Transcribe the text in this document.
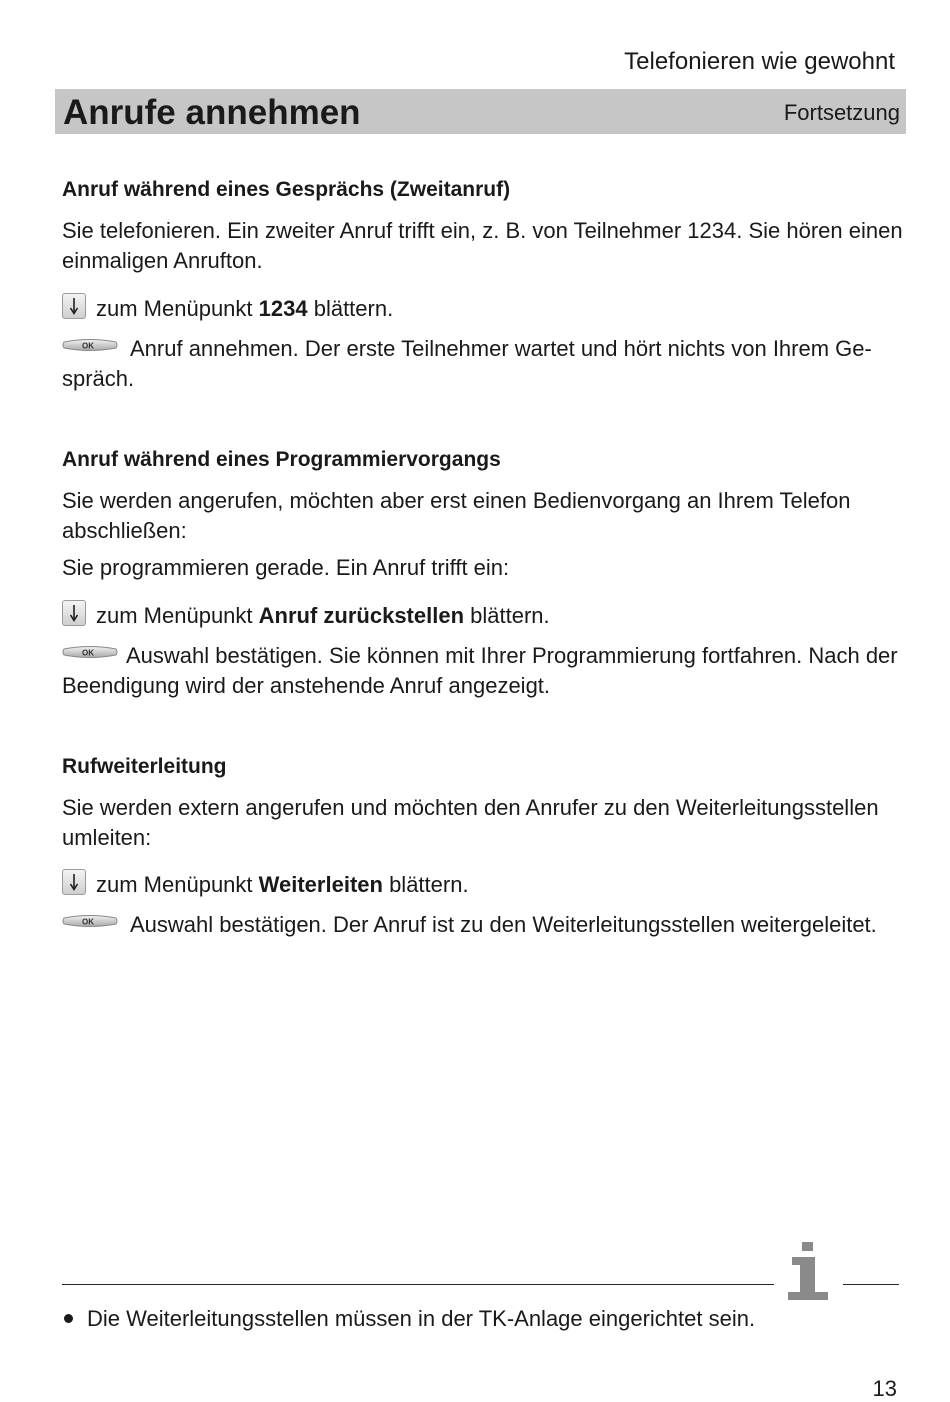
Telefonieren wie gewohnt
Anrufe annehmen	Fortsetzung
Anruf während eines Gesprächs (Zweitanruf)
Sie telefonieren. Ein zweiter Anruf trifft ein, z. B. von Teilnehmer 1234. Sie hören einen einmaligen Anrufton.
zum Menüpunkt 1234 blättern.
OK Anruf annehmen. Der erste Teilnehmer wartet und hört nichts von Ihrem Ge-spräch.
Anruf während eines Programmiervorgangs
Sie werden angerufen, möchten aber erst einen Bedienvorgang an Ihrem Telefon abschließen:
Sie programmieren gerade. Ein Anruf trifft ein:
zum Menüpunkt Anruf zurückstellen blättern.
OK Auswahl bestätigen. Sie können mit Ihrer Programmierung fortfahren. Nach der Beendigung wird der anstehende Anruf angezeigt.
Rufweiterleitung
Sie werden extern angerufen und möchten den Anrufer zu den Weiterleitungsstellen umleiten:
zum Menüpunkt Weiterleiten blättern.
OK Auswahl bestätigen. Der Anruf ist zu den Weiterleitungsstellen weitergeleitet.
Die Weiterleitungsstellen müssen in der TK-Anlage eingerichtet sein.
13
